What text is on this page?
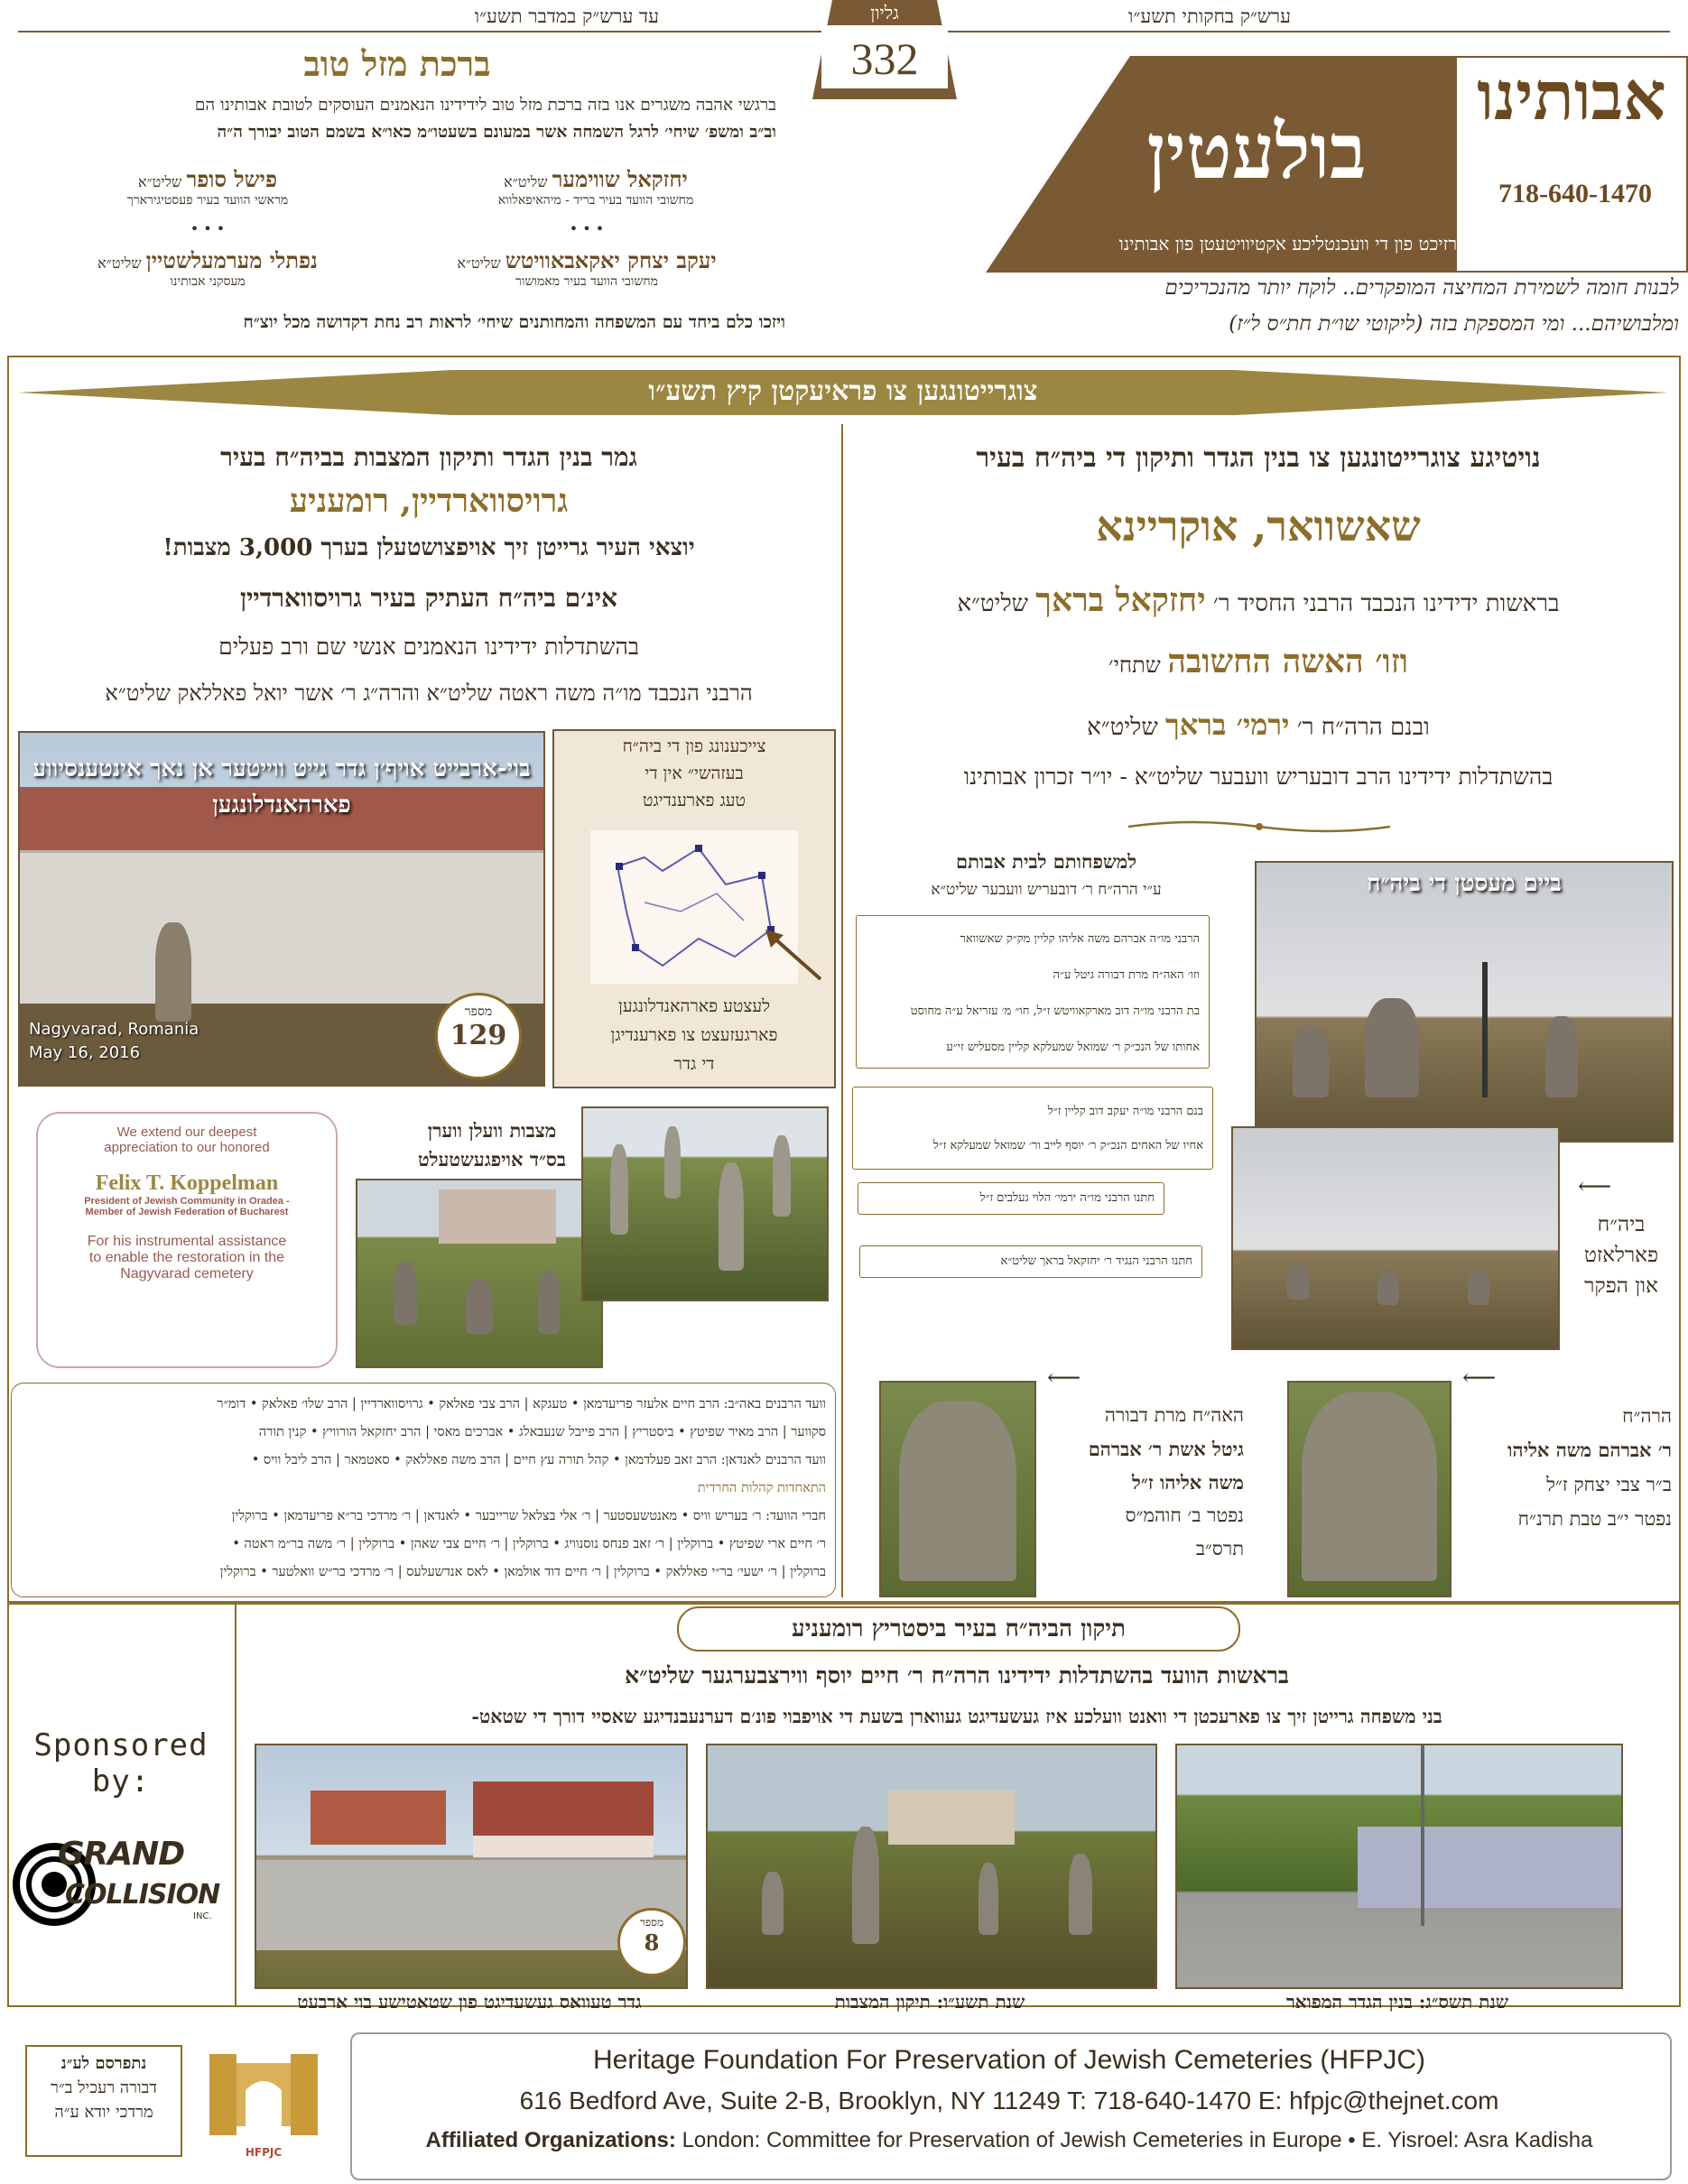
עד ערש״ק במדבר תשע״ו	ערש״ק בחקותי תשע״ו
גליון
332
ברכת מזל טוב
ברגשי אהבה משגרים אנו בזה ברכת מזל טוב לידידינו הנאמנים העוסקים לטובת אבותינו הם
וב״ב ומשפ׳ שיחי׳ לרגל השמחה אשר במעונם בשעטו״מ כאו״א בשמם הטוב יבורך ה״ה
יחזקאל שווימער שליט״א
מחשובי הוועד בעיר בריד - מיהאיפאלווא
פישל סופר שליט״א
מראשי הוועד בעיר פעסטיגירארך
• • •
• • •
יעקב יצחק יאקאבאוויטש שליט״א
מחשובי הוועד בעיר מאמושור
נפתלי מערמעלשטיין שליט״א
מעסקני אבותינו
ויזכו כלם ביחד עם המשפחה והמחותנים שיחי׳ לראות רב נחת דקדושה מכל יוצ״ח
אבותינו
718-640-1470
בולעטין
א קורצע איבערזיכט פון די וועכנטליכע אקטיוויטעטן פון אבותינו
לבנות חומה לשמירת המחיצה המופקרים.. לוקח יותר מהנכריכים
ומלבושיהם... ומי המספקת בזה (ליקוטי שו״ת חת״ס ל״ז)
צוגרייטונגען צו פראיעקטן קיץ תשע״ו
גמר בנין הגדר ותיקון המצבות בביה״ח בעיר
גרויסווארדיין, רומעניע
יוצאי העיר גרייטן זיך אויפצושטעלן בערך 3,000 מצבות!
אינ׳ם ביה״ח העתיק בעיר גרויסווארדיין
בהשתדלות ידידינו הנאמנים אנשי שם ורב פעלים
הרבני הנכבד מו״ה משה ראטה שליט״א והרה״ג ר׳ אשר יואל פאללאק שליט״א
בוי-ארבייט אויף׳ן גדר גייט ווייטער אן נאך אינטענסיווע פארהאנדלונגען
Nagyvarad, Romania
May 16, 2016
מספר
129
צייכענונג פון די ביה״ח
בעזהשי״ אין די
טעג פארענדיגט
לעצטע פארהאנדלונגען
פארגעזעצט צו פארענדיגן
די גדר
We extend our deepest
appreciation to our honored
Felix T. Koppelman
President of Jewish Community in Oradea -
Member of Jewish Federation of Bucharest
For his instrumental assistance
to enable the restoration in the
Nagyvarad cemetery
מצבות וועלן ווערן
בס״ד אויפגעשטעלט
וועד הרבנים באה״ב: הרב חיים אלעזר פריעדמאן • טעגקא | הרב צבי פאלאק • גרויסווארדיין | הרב שלו׳ פאלאק • דומ״ר
סקווער | הרב מאיר שפיטץ • ביסטריץ | הרב פייבל שנעבאלג • אברכים מאסי | הרב יחזקאל הורוויץ • קנין תורה
וועד הרבנים לאנדאן: הרב זאב פעלדמאן • קהל תורה עץ חיים | הרב משה פאללאק • סאטמאר | הרב ליבל וויס •
התאחדות קהלות החרדית
חברי הוועד: ר׳ בעריש וויס • מאנטשעסטער | ר׳ אלי בצלאל שרייבער • לאנדאן | ר׳ מרדכי בר״א פריעדמאן • ברוקלין
ר׳ חיים ארי שפיטץ • ברוקלין | ר׳ זאב פנחס נוסנוויג • ברוקלין | ר׳ חיים צבי שאהן • ברוקלין | ר׳ משה בר״מ ראטה •
ברוקלין | ר׳ ישעי׳ בר״י פאללאק • ברוקלין | ר׳ חיים דוד אולמאן • לאס אנדשעלעס | ר׳ מרדכי בר״ש וואלטער • ברוקלין
נויטיגע צוגרייטונגען צו בנין הגדר ותיקון די ביה״ח בעיר
שאשוואר, אוקריינא
בראשות ידידינו הנכבד הרבני החסיד ר׳ יחזקאל בראך שליט״א
וזו׳ האשה החשובה שתחי׳
ובנם הרה״ח ר׳ ירמי׳ בראך שליט״א
בהשתדלות ידידינו הרב דובעריש וועבער שליט״א - יו״ר זכרון אבותינו
למשפחותם לבית אבותם
ע״י הרה״ח ר׳ דובעריש וועבער שליט״א
הרבני מו״ה אברהם משה אליהו קליין מק״ק שאשוואר
וזו׳ האה״ח מרת דבורה גיטל ע״ה
בת הרבני מו״ה דוב מארקאוויטש ז״ל, חו״ מ׳ עזריאל ע״ה מחוסט
אחותו של הנכ״ק ר׳ שמואל שמעלקא קליין מסעליש זי״ע
בנם הרבני מו״ה יעקב דוב קליין ז״ל
אחיו של האחים הנכ״ק ר׳ יוסף לייב ור׳ שמואל שמעלקא ז״ל
חתנו הרבני מו״ה ירמי׳ הלוי געלבים ז״ל
חתנו הרבני הנגיד ר׳ יחזקאל בראך שליט״א
ביים מעסטן די ביה״ח
⟵
ביה״ח
פארלאזט
און הפקר
⟵
האה״ח מרת דבורה
גיטל אשת ר׳ אברהם
משה אליהו ז״ל
נפטר ב׳ חוהמ״ס
תרס״ב
⟵
הרה״ח
ר׳ אברהם משה אליהו
ב״ר צבי יצחק ז״ל
נפטר י״ב טבת תרנ״ח
תיקון הביה״ח בעיר ביסטריץ רומעניע
בראשות הוועד בהשתדלות ידידינו הרה״ח ר׳ חיים יוסף ווירצבערגער שליט״א
בני משפחה גרייטן זיך צו פארעכטן די וואנט וועלכע איז געשעדיגט געווארן בשעת די אויפבוי פונ׳ם דערנעבנדיגע שאסיי דורך די שטאט-
Sponsored by:
GRAND
COLLISION
INC.	מספר
8
גדר טעוואס געשעדיגט פון שטאטישע בוי ארבעט	שנת תשע״ו: תיקון המצבות	שנת תשס״ג: בנין הגדר המפואר
נתפרסם לע״נ
דבורה רעכיל ב״ר
מרדכי יודא ע״ה
HFPJC
Heritage Foundation For Preservation of Jewish Cemeteries (HFPJC)
616 Bedford Ave, Suite 2-B, Brooklyn, NY 11249 T: 718-640-1470 E: hfpjc@thejnet.com
Affiliated Organizations: London: Committee for Preservation of Jewish Cemeteries in Europe • E. Yisroel: Asra Kadisha
